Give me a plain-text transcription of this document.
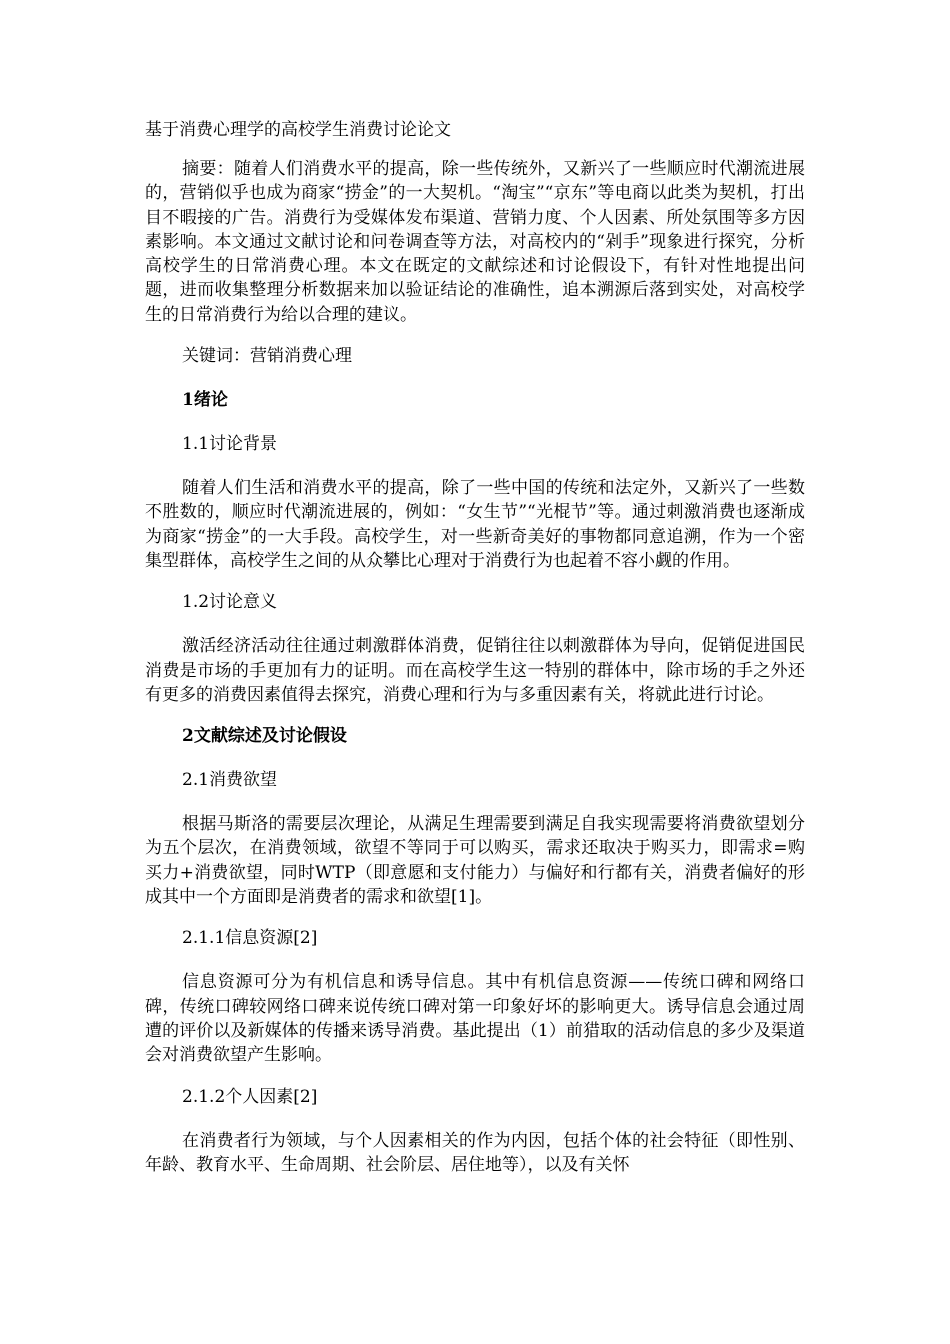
基于消费心理学的高校学生消费讨论论文
摘要：随着人们消费水平的提高，除一些传统外，又新兴了一些顺应时代潮流进展的，营销似乎也成为商家“捞金”的一大契机。“淘宝”“京东”等电商以此类为契机，打出目不暇接的广告。消费行为受媒体发布渠道、营销力度、个人因素、所处氛围等多方因素影响。本文通过文献讨论和问卷调查等方法，对高校内的“剁手”现象进行探究，分析高校学生的日常消费心理。本文在既定的文献综述和讨论假设下，有针对性地提出问题，进而收集整理分析数据来加以验证结论的准确性，追本溯源后落到实处，对高校学生的日常消费行为给以合理的建议。
关键词：营销消费心理
1绪论
1.1讨论背景
随着人们生活和消费水平的提高，除了一些中国的传统和法定外，又新兴了一些数不胜数的，顺应时代潮流进展的，例如：“女生节”“光棍节”等。通过刺激消费也逐渐成为商家“捞金”的一大手段。高校学生，对一些新奇美好的事物都同意追溯，作为一个密集型群体，高校学生之间的从众攀比心理对于消费行为也起着不容小觑的作用。
1.2讨论意义
激活经济活动往往通过刺激群体消费，促销往往以刺激群体为导向，促销促进国民消费是市场的手更加有力的证明。而在高校学生这一特别的群体中，除市场的手之外还有更多的消费因素值得去探究，消费心理和行为与多重因素有关，将就此进行讨论。
2文献综述及讨论假设
2.1消费欲望
根据马斯洛的需要层次理论，从满足生理需要到满足自我实现需要将消费欲望划分为五个层次，在消费领域，欲望不等同于可以购买，需求还取决于购买力，即需求=购买力+消费欲望，同时WTP（即意愿和支付能力）与偏好和行都有关，消费者偏好的形成其中一个方面即是消费者的需求和欲望[1]。
2.1.1信息资源[2]
信息资源可分为有机信息和诱导信息。其中有机信息资源——传统口碑和网络口碑，传统口碑较网络口碑来说传统口碑对第一印象好坏的影响更大。诱导信息会通过周遭的评价以及新媒体的传播来诱导消费。基此提出（1）前猎取的活动信息的多少及渠道会对消费欲望产生影响。
2.1.2个人因素[2]
在消费者行为领域，与个人因素相关的作为内因，包括个体的社会特征（即性别、年龄、教育水平、生命周期、社会阶层、居住地等），以及有关怀
